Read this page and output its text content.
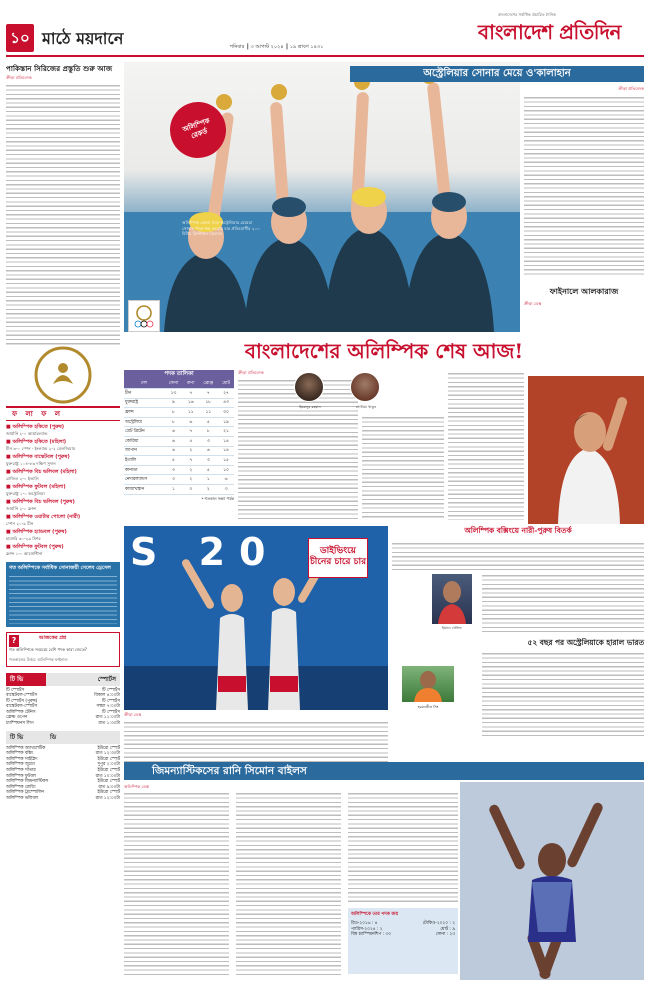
১০ মাঠে ময়দানে	শনিবার ║ ৩ আগস্ট ২০২৪ ║ ১৯ শ্রাবণ ১৪৩১
বাংলাদেশের সর্বাধিক প্রচারিত দৈনিক
বাংলাদেশ প্রতিদিন
পাকিস্তান সিরিজের প্রস্তুতি শুরু আজ
ক্রীড়া প্রতিবেদক
ফ লা ফ ল
■ অলিম্পিক হকিতে (পুরুষ)
জার্মানি ২-০ আয়ারল্যান্ড
■ অলিম্পিক হকিতে (মহিলা)
চীন ৩-০ স্পেন · ইংল্যান্ড ২-২ বেলজিয়াম
■ অলিম্পিক বাস্কেটবল (পুরুষ)
যুক্তরাষ্ট্র ১০৪-৮৩ দক্ষিণ সুদান
■ অলিম্পিক বিচ ভলিবল (মহিলা)
ব্রাজিল ২-০ ইতালি
■ অলিম্পিক ফুটবল (মহিলা)
যুক্তরাষ্ট্র ১-০ অস্ট্রেলিয়া
■ অলিম্পিক বিচ ভলিবল (পুরুষ)
জার্মানি ২-০ ফ্রান্স
■ অলিম্পিক ওয়াটার পোলো (নারী)
স্পেন ২০-৯ চীন
■ অলিম্পিক হ্যান্ডবল (পুরুষ)
হাঙ্গেরি ৩০-২৯ মিশর
■ অলিম্পিক ফুটবল (পুরুষ)
ফ্রান্স ১-০ আর্জেন্টিনা
গত অলিম্পিকে সর্বাধিক সোনাজয়ী সেলেব ড্রেসেল
?	আজকের প্রশ্ন
গত অলিম্পিকে সবচেয়ে বেশি পদক কারা জেতে?
গতকালের উত্তর: অলিম্পিক ফাইনাল
টি ভি	স্পোর্টস
টি স্পোর্টস	টি স্পোর্টস
বাস্কেটবল-স্পোর্টস	বিকাল ৪:০০টা
টি স্পোর্টস (পুরুষ)	টি স্পোর্টস
বাস্কেটবল-স্পোর্টস	সন্ধ্যা ৭:০০টা
অলিম্পিক টেনিস	টি স্পোর্টস
ফ্রেঞ্চ ওপেন	রাত ১১:০০টা
চ্যাম্পিয়নস লিগ	রাত ১:৩০টা
টি ভি	ডি
অলিম্পিক অ্যাথলেটিক	ইউরো স্পোর্ট
অলিম্পিক বক্সিং	রাত ১২:৩০টা
অলিম্পিক সাইক্লিং	ইউরো স্পোর্ট
অলিম্পিক জুডো	দুপুর ২:০০টা
অলিম্পিক সাঁতার	ইউরো স্পোর্ট
অলিম্পিক ফুটবল	রাত ১০:০০টা
অলিম্পিক জিমন্যাস্টিকস	ইউরো স্পোর্ট
অলিম্পিক রোয়িং	রাত ৯:০০টা
অলিম্পিক ট্রাম্পোলিন	ইউরো স্পোর্ট
অলিম্পিক ভলিবল	রাত ১২:০০টা
অলিম্পিক রেকর্ড
অলিম্পিক রেকর্ড গড়ে অস্ট্রেলিয়ার মেয়েরা সোনার পদক জয় করেছে চার প্রতিযোগীর ২০০ মিটার ফ্রিস্টাইল রিলেতে
অস্ট্রেলিয়ার সোনার মেয়ে ও'কালাহান
ক্রীড়া প্রতিবেদক
ফাইনালে আলকারাজ
ক্রীড়া ডেস্ক
বাংলাদেশের অলিম্পিক শেষ আজ!
পদক তালিকা
দেশ	সোনা	রুপা	ব্রোঞ্জ	মোট
চীন	১৩	৭	৭	২৭
যুক্তরাষ্ট্র	৯	১৬	১৮	৪৩
ফ্রান্স	৮	১১	১১	৩০
অস্ট্রেলিয়া	৮	৬	৫	১৯
গ্রেট ব্রিটেন	৬	৭	৮	২১
কোরিয়া	৬	৫	৩	১৪
জাপান	৬	২	৬	১৪
ইতালি	৫	৭	৩	১৫
কানাডা	৩	২	৫	১০
নেদারল্যান্ডস	৩	২	১	৬
কাজাখস্তান	১	০	২	৩
* গতকাল সন্ধ্যা পর্যন্ত
ক্রীড়া প্রতিবেদক
ইমরানুর রহমান	সোনিয়া খাতুন
অলিম্পিক বক্সিংয়ে নারী-পুরুষ বিতর্ক
ইমানে খেলিফ
৫২ বছর পর অস্ট্রেলিয়াকে হারাল ভারত
হরমনপ্রীত সিং
S 20	ডাইভিংয়ে চীনের চারে চার
ক্রীড়া ডেস্ক
জিমন্যাস্টিকসের রানি সিমোন বাইলস
অলিম্পিক ডেস্ক
অলিম্পিকে তার পদক জয়
রিও-২০১৬ : ৪	টোকিও-২০২০ : ২
প্যারিস-২০২৪ : ২	মোট : ৯
বিশ্ব চ্যাম্পিয়নশিপ : ৩০	সোনা : ২৩
